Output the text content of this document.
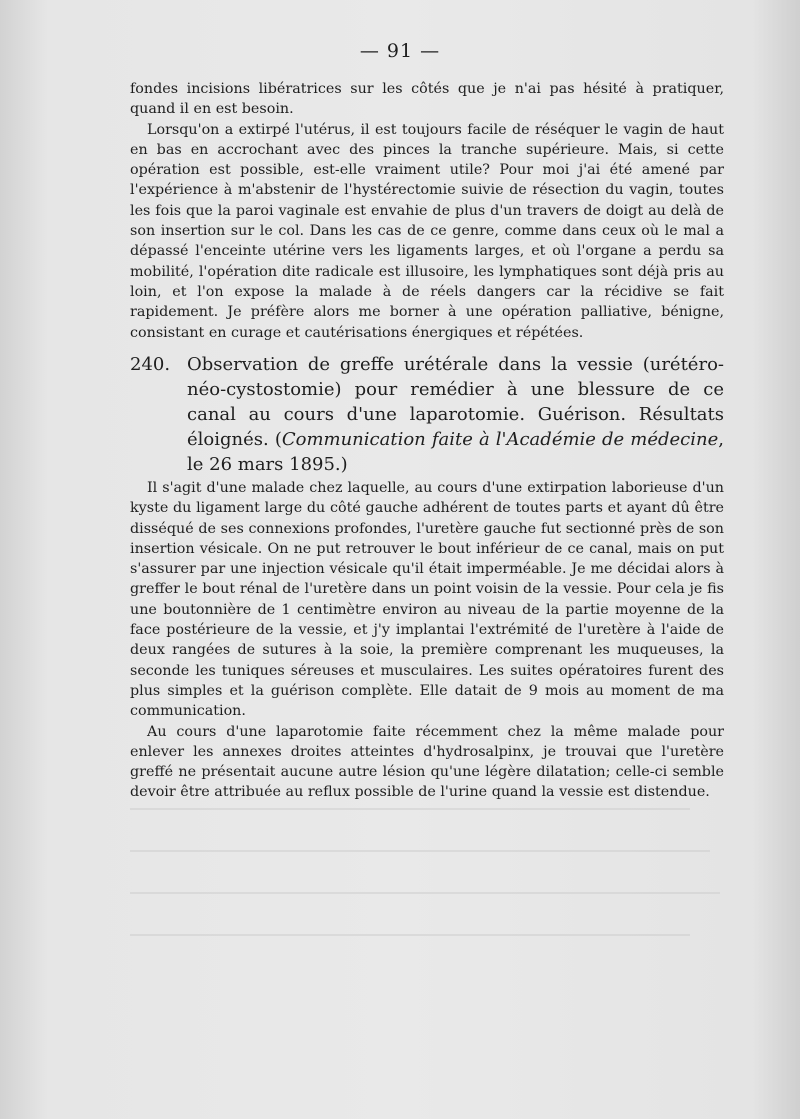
— 91 —

fondes incisions libératrices sur les côtés que je n'ai pas hésité à pratiquer, quand il en est besoin.

Lorsqu'on a extirpé l'utérus, il est toujours facile de réséquer le vagin de haut en bas en accrochant avec des pinces la tranche supérieure. Mais, si cette opération est possible, est-elle vraiment utile? Pour moi j'ai été amené par l'expérience à m'abstenir de l'hystérectomie suivie de résection du vagin, toutes les fois que la paroi vaginale est envahie de plus d'un travers de doigt au delà de son insertion sur le col. Dans les cas de ce genre, comme dans ceux où le mal a dépassé l'enceinte utérine vers les ligaments larges, et où l'organe a perdu sa mobilité, l'opération dite radicale est illusoire, les lymphatiques sont déjà pris au loin, et l'on expose la malade à de réels dangers car la récidive se fait rapidement. Je préfère alors me borner à une opération palliative, bénigne, consistant en curage et cautérisations énergiques et répétées.

240. Observation de greffe urétérale dans la vessie (urétéro-néo-cystostomie) pour remédier à une blessure de ce canal au cours d'une laparotomie. Guérison. Résultats éloignés. (Communication faite à l'Académie de médecine, le 26 mars 1895.)

Il s'agit d'une malade chez laquelle, au cours d'une extirpation laborieuse d'un kyste du ligament large du côté gauche adhérent de toutes parts et ayant dû être disséqué de ses connexions profondes, l'uretère gauche fut sectionné près de son insertion vésicale. On ne put retrouver le bout inférieur de ce canal, mais on put s'assurer par une injection vésicale qu'il était imperméable. Je me décidai alors à greffer le bout rénal de l'uretère dans un point voisin de la vessie. Pour cela je fis une boutonnière de 1 centimètre environ au niveau de la partie moyenne de la face postérieure de la vessie, et j'y implantai l'extrémité de l'uretère à l'aide de deux rangées de sutures à la soie, la première comprenant les muqueuses, la seconde les tuniques séreuses et musculaires. Les suites opératoires furent des plus simples et la guérison complète. Elle datait de 9 mois au moment de ma communication.

Au cours d'une laparotomie faite récemment chez la même malade pour enlever les annexes droites atteintes d'hydrosalpinx, je trouvai que l'uretère greffé ne présentait aucune autre lésion qu'une légère dilatation; celle-ci semble devoir être attribuée au reflux possible de l'urine quand la vessie est distendue.
